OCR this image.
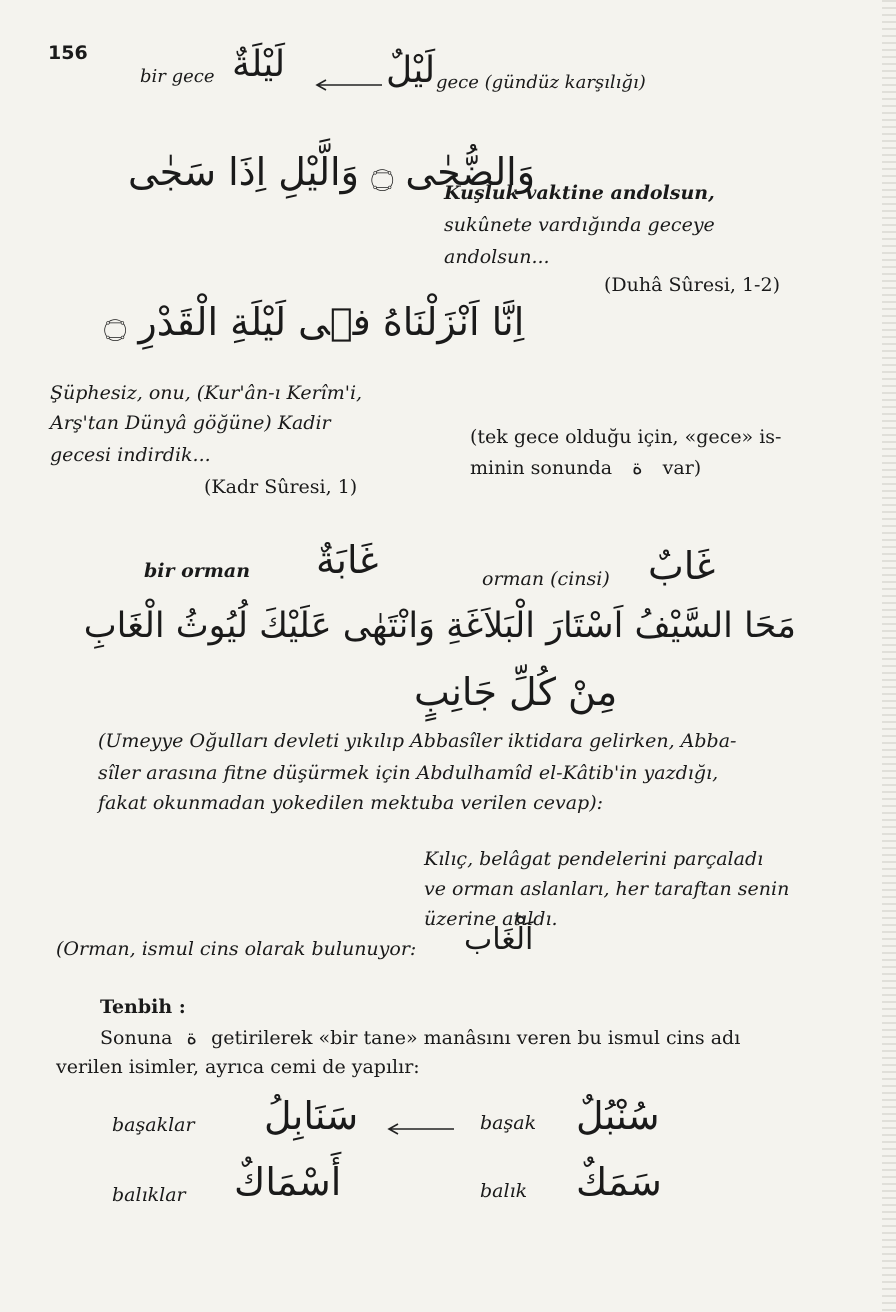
156
bir gece لَيْلَةٌ	لَيْلٌ gece (gündüz karşılığı)
وَالضُّحٰى ۝ وَالَّيْلِ اِذَا سَجٰى
Kuşluk vaktine andolsun,
sukûnete vardığında geceye
andolsun...
(Duhâ Sûresi, 1-2)
اِنَّا اَنْزَلْنَاهُ فٖى لَيْلَةِ الْقَدْرِ ۝
Şüphesiz, onu, (Kur'ân-ı Kerîm'i,
Arş'tan Dünyâ göğüne) Kadir
gecesi indirdik...
(Kadr Sûresi, 1)
(tek gece olduğu için, «gece» is-
minin sonunda ة var)
bir orman غَابَةٌ	orman (cinsi) غَابٌ
مَحَا السَّيْفُ اَسْتَارَ الْبَلاَغَةِ وَانْتَهٰى عَلَيْكَ لُيُوثُ الْغَابِ
مِنْ كُلِّ جَانِبٍ
(Umeyye Oğulları devleti yıkılıp Abbasîler iktidara gelirken, Abba-
sîler arasına fitne düşürmek için Abdulhamîd el-Kâtib'in yazdığı,
fakat okunmadan yokedilen mektuba verilen cevap):
Kılıç, belâgat pendelerini parçaladı
ve orman aslanları, her taraftan senin
üzerine atıldı.
(Orman, ismul cins olarak bulunuyor: اَلْغَاب
Tenbih :
Sonuna ة getirilerek «bir tane» manâsını veren bu ismul cins adı
verilen isimler, ayrıca cemi de yapılır:
başaklar سَنَابِلُ	başak سُنْبُلٌ
balıklar أَسْمَاكٌ	balık سَمَكٌ
